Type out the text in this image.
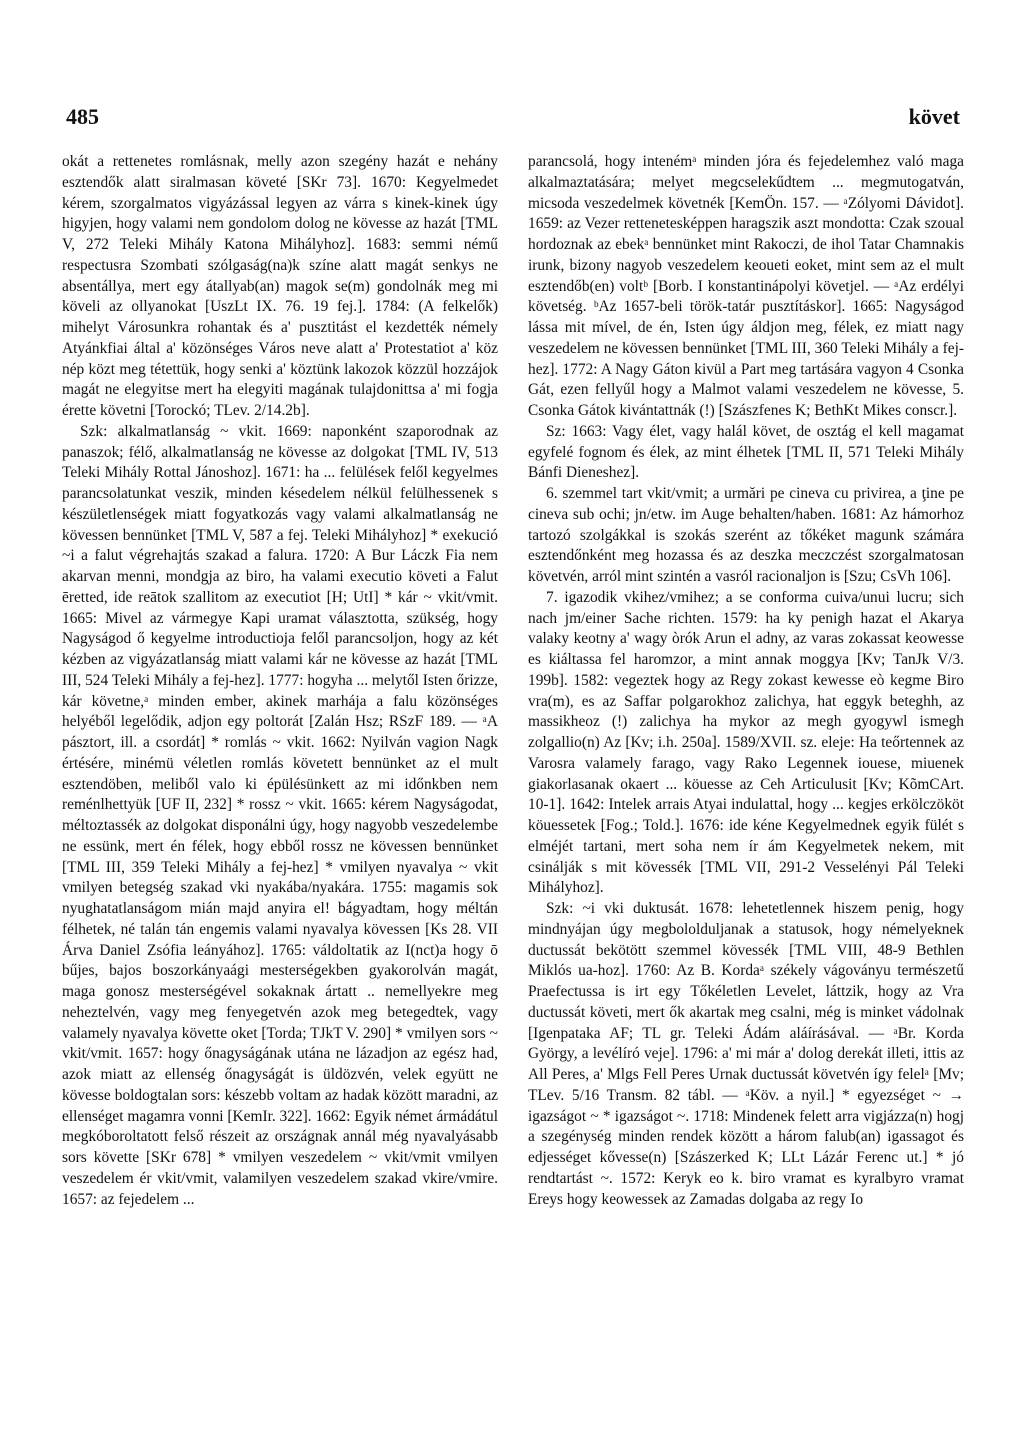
485	követ

okát a rettenetes romlásnak, melly azon szegény hazát e nehány esztendők alatt siralmasan követé [SKr 73]. 1670: Kegyelmedet kérem, szorgalmatos vigyázással legyen az várra s kinek-kinek úgy higyjen, hogy valami nem gondolom dolog ne kövesse az hazát [TML V, 272 Teleki Mihály Katona Mihályhoz]. 1683: semmi némű respectusra Szombati szólgaság(na)k színe alatt magát senkys ne absentállya, mert egy átallyab(an) magok se(m) gondolnák meg mi köveli az ollyanokat [UszLt IX. 76. 19 fej.]. 1784: (A felkelők) mihelyt Városunkra rohantak és a' pusztitást el kezdették némely Atyánkfiai által a' közönséges Város neve alatt a' Protestatiot a' köz nép közt meg tétettük, hogy senki a' köztünk lakozok közzül hozzájok magát ne elegyitse mert ha elegyiti magának tulajdonittsa a' mi fogja érette követni [Torockó; TLev. 2/14.2b].

Szk: alkalmatlanság ~ vkit. 1669: naponként szaporodnak az panaszok; félő, alkalmatlanság ne kövesse az dolgokat [TML IV, 513 Teleki Mihály Rottal Jánoshoz]. 1671: ha ... felülések felől kegyelmes parancsolatunkat veszik, minden késedelem nélkül felülhessenek s készületlenségek miatt fogyatkozás vagy valami alkalmatlanság ne kövessen bennünket [TML V, 587 a fej. Teleki Mihályhoz] * exekució ~i a falut végrehajtás szakad a falura. 1720: A Bur Láczk Fia nem akarvan menni, mondgja az biro, ha valami executio követi a Falut ēretted, ide reātok szallitom az executiot [H; UtI] * kár ~ vkit/vmit. 1665: Mivel az vármegye Kapi uramat választotta, szükség, hogy Nagyságod ő kegyelme introductioja felől parancsoljon, hogy az két kézben az vigyázatlanság miatt valami kár ne kövesse az hazát [TML III, 524 Teleki Mihály a fej-hez]. 1777: hogyha ... melytől Isten őrizze, kár követne,ᵃ minden ember, akinek marhája a falu közönséges helyéből legelődik, adjon egy poltorát [Zalán Hsz; RSzF 189. — ᵃA pásztort, ill. a csordát] * romlás ~ vkit. 1662: Nyilván vagion Nagk értésére, minémü véletlen romlás követett bennünket az el mult esztendöben, meliből valo ki épülésünkett az mi időnkben nem reménlhettyük [UF II, 232] * rossz ~ vkit. 1665: kérem Nagyságodat, méltoztassék az dolgokat disponálni úgy, hogy nagyobb veszedelembe ne essünk, mert én félek, hogy ebből rossz ne kövessen bennünket [TML III, 359 Teleki Mihály a fej-hez] * vmilyen nyavalya ~ vkit vmilyen betegség szakad vki nyakába/nyakára. 1755: magamis sok nyughatatlanságom mián majd anyira el! bágyadtam, hogy méltán félhetek, né talán tán engemis valami nyavalya kövessen [Ks 28. VII Árva Daniel Zsófia leányához]. 1765: váldoltatik az I(nct)a hogy ō bűjes, bajos boszorkányaági mesterségekben gyakorolván magát, maga gonosz mesterségével sokaknak ártatt .. nemellyekre meg neheztelvén, vagy meg fenyegetvén azok meg betegedtek, vagy valamely nyavalya követte oket [Torda; TJkT V. 290] * vmilyen sors ~ vkit/vmit. 1657: hogy őnagyságának utána ne lázadjon az egész had, azok miatt az ellenség őnagyságát is üldözvén, velek együtt ne kövesse boldogtalan sors: készebb voltam az hadak között maradni, az ellenséget magamra vonni [KemIr. 322]. 1662: Egyik német ármádátul megkóboroltatott felső részeit az országnak annál még nyavalyásabb sors követte [SKr 678] * vmilyen veszedelem ~ vkit/vmit vmilyen veszedelem ér vkit/vmit, valamilyen veszedelem szakad vkire/vmire. 1657: az fejedelem ...

parancsolá, hogy intenémᵃ minden jóra és fejedelemhez való maga alkalmaztatására; melyet megcselekűdtem ... megmutogatván, micsoda veszedelmek követnék [KemÖn. 157. — ᵃZólyomi Dávidot]. 1659: az Vezer rettenetesképpen haragszik aszt mondotta: Czak szoual hordoznak az ebekᵃ bennünket mint Rakoczi, de ihol Tatar Chamnakis irunk, bizony nagyob veszedelem keoueti eoket, mint sem az el mult esztendőb(en) voltᵇ [Borb. I konstantinápolyi követjel. — ᵃAz erdélyi követség. ᵇAz 1657-beli török-tatár pusztításkor]. 1665: Nagyságod lássa mit mível, de én, Isten úgy áldjon meg, félek, ez miatt nagy veszedelem ne kövessen bennünket [TML III, 360 Teleki Mihály a fej-hez]. 1772: A Nagy Gáton kivül a Part meg tartására vagyon 4 Csonka Gát, ezen fellyűl hogy a Malmot valami veszedelem ne kövesse, 5. Csonka Gátok kivántattnák (!) [Szászfenes K; BethKt Mikes conscr.].

Sz: 1663: Vagy élet, vagy halál követ, de osztág el kell magamat egyfelé fognom és élek, az mint élhetek [TML II, 571 Teleki Mihály Bánfi Dieneshez].

6. szemmel tart vkit/vmit; a urmări pe cineva cu privirea, a ţine pe cineva sub ochi; jn/etw. im Auge behalten/haben. 1681: Az hámorhoz tartozó szolgákkal is szokás szerént az tőkéket magunk számára esztendőnként meg hozassa és az deszka meczczést szorgalmatosan követvén, arról mint szintén a vasról racionaljon is [Szu; CsVh 106].

7. igazodik vkihez/vmihez; a se conforma cuiva/unui lucru; sich nach jm/einer Sache richten. 1579: ha ky penigh hazat el Akarya valaky keotny a' wagy òrók Arun el adny, az varas zokassat keowesse es kiáltassa fel haromzor, a mint annak moggya [Kv; TanJk V/3. 199b]. 1582: vegeztek hogy az Regy zokast kewesse eò kegme Biro vra(m), es az Saffar polgarokhoz zalichya, hat eggyk beteghh, az massikheoz (!) zalichya ha mykor az megh gyogywl ismegh zolgallio(n) Az [Kv; i.h. 250a]. 1589/XVII. sz. eleje: Ha teőrtennek az Varosra valamely farago, vagy Rako Legennek iouese, miuenek giakorlasanak okaert ... köuesse az Ceh Articulusit [Kv; KõmCArt. 10-1]. 1642: Intelek arrais Atyai indulattal, hogy ... kegjes erkölczököt köuessetek [Fog.; Told.]. 1676: ide kéne Kegyelmednek egyik fülét s elméjét tartani, mert soha nem ír ám Kegyelmetek nekem, mit csinálják s mit kövessék [TML VII, 291-2 Vesselényi Pál Teleki Mihályhoz].

Szk: ~i vki duktusát. 1678: lehetetlennek hiszem penig, hogy mindnyájan úgy megbololduljanak a statusok, hogy némelyeknek ductussát bekötött szemmel kövessék [TML VIII, 48-9 Bethlen Miklós ua-hoz]. 1760: Az B. Kordaᵃ székely vágoványu természetű Praefectussa is irt egy Tőkéletlen Levelet, láttzik, hogy az Vra ductussát követi, mert ők akartak meg csalni, még is minket vádolnak [Igenpataka AF; TL gr. Teleki Ádám aláírásával. — ᵃBr. Korda György, a levélíró veje]. 1796: a' mi már a' dolog derekát illeti, ittis az All Peres, a' Mlgs Fell Peres Urnak ductussát követvén így felelᵃ [Mv; TLev. 5/16 Transm. 82 tábl. — ᵃKöv. a nyil.] * egyezséget ~ → igazságot ~ * igazságot ~. 1718: Mindenek felett arra vigjázza(n) hogj a szegénység minden rendek között a három falub(an) igassagot és edjességet kővesse(n) [Szászerked K; LLt Lázár Ferenc ut.] * jó rendtartást ~. 1572: Keryk eo k. biro vramat es kyralbyro vramat Ereys hogy keowessek az Zamadas dolgaba az regy Io
